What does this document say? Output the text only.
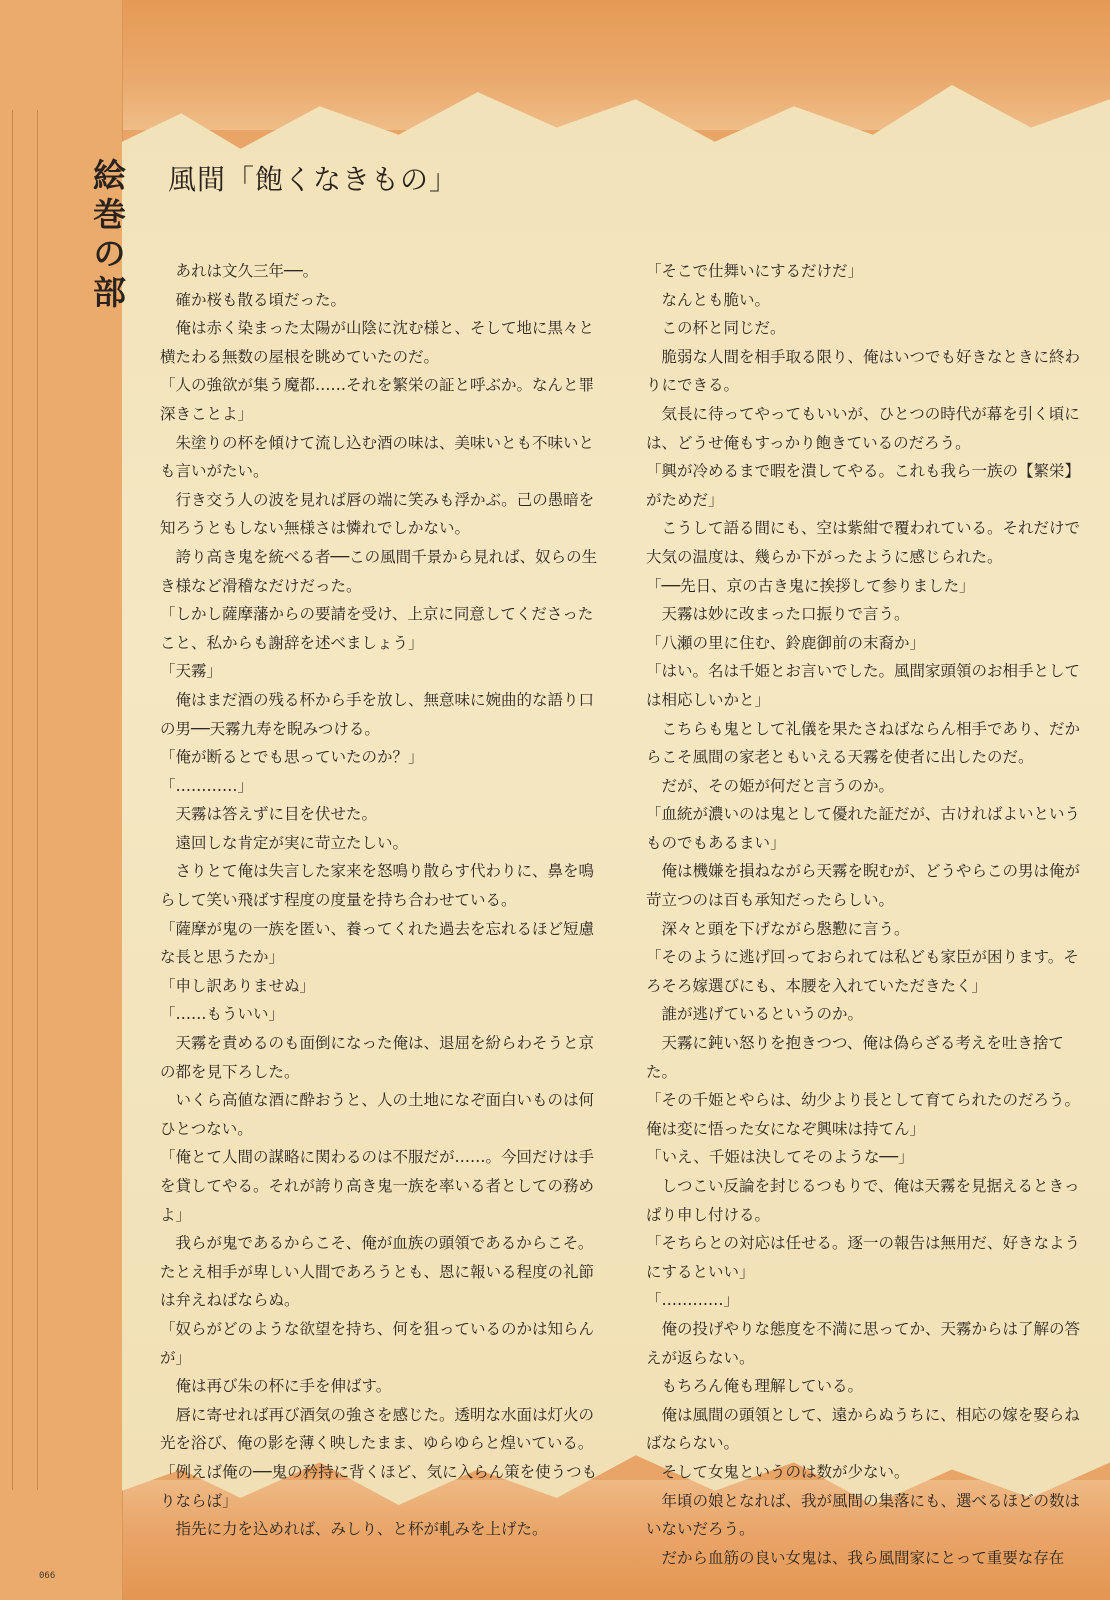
絵巻の部 風間「飽くなきもの」
　あれは文久三年──。
　確か桜も散る頃だった。
　俺は赤く染まった太陽が山陰に沈む様と、そして地に黒々と横たわる無数の屋根を眺めていたのだ。
「人の強欲が集う魔都……それを繁栄の証と呼ぶか。なんと罪深きことよ」
　朱塗りの杯を傾けて流し込む酒の味は、美味いとも不味いとも言いがたい。
　行き交う人の波を見れば唇の端に笑みも浮かぶ。己の愚暗を知ろうともしない無様さは憐れでしかない。
　誇り高き鬼を統べる者──この風間千景から見れば、奴らの生き様など滑稽なだけだった。
「しかし薩摩藩からの要請を受け、上京に同意してくださったこと、私からも謝辞を述べましょう」
「天霧」
　俺はまだ酒の残る杯から手を放し、無意味に婉曲的な語り口の男──天霧九寿を睨みつける。
「俺が断るとでも思っていたのか？」
「…………」
　天霧は答えずに目を伏せた。
　遠回しな肯定が実に苛立たしい。
　さりとて俺は失言した家来を怒鳴り散らす代わりに、鼻を鳴らして笑い飛ばす程度の度量を持ち合わせている。
「薩摩が鬼の一族を匿い、養ってくれた過去を忘れるほど短慮な長と思うたか」
「申し訳ありませぬ」
「……もういい」
　天霧を責めるのも面倒になった俺は、退屈を紛らわそうと京の都を見下ろした。
　いくら高値な酒に酔おうと、人の土地になぞ面白いものは何ひとつない。
「俺とて人間の謀略に関わるのは不服だが……。今回だけは手を貸してやる。それが誇り高き鬼一族を率いる者としての務めよ」
　我らが鬼であるからこそ、俺が血族の頭領であるからこそ。たとえ相手が卑しい人間であろうとも、恩に報いる程度の礼節は弁えねばならぬ。
「奴らがどのような欲望を持ち、何を狙っているのかは知らんが」
　俺は再び朱の杯に手を伸ばす。
　唇に寄せれば再び酒気の強さを感じた。透明な水面は灯火の光を浴び、俺の影を薄く映したまま、ゆらゆらと煌いている。
「例えば俺の──鬼の矜持に背くほど、気に入らん策を使うつもりならば」
　指先に力を込めれば、みしり、と杯が軋みを上げた。
「そこで仕舞いにするだけだ」
　なんとも脆い。
　この杯と同じだ。
　脆弱な人間を相手取る限り、俺はいつでも好きなときに終わりにできる。
　気長に待ってやってもいいが、ひとつの時代が幕を引く頃には、どうせ俺もすっかり飽きているのだろう。
「興が冷めるまで暇を潰してやる。これも我ら一族の【繁栄】がためだ」
　こうして語る間にも、空は紫紺で覆われている。それだけで大気の温度は、幾らか下がったように感じられた。
「──先日、京の古き鬼に挨拶して参りました」
　天霧は妙に改まった口振りで言う。
「八瀬の里に住む、鈴鹿御前の末裔か」
「はい。名は千姫とお言いでした。風間家頭領のお相手としては相応しいかと」
　こちらも鬼として礼儀を果たさねばならん相手であり、だからこそ風間の家老ともいえる天霧を使者に出したのだ。
　だが、その姫が何だと言うのか。
「血統が濃いのは鬼として優れた証だが、古ければよいというものでもあるまい」
　俺は機嫌を損ねながら天霧を睨むが、どうやらこの男は俺が苛立つのは百も承知だったらしい。
　深々と頭を下げながら慇懃に言う。
「そのように逃げ回っておられては私ども家臣が困ります。そろそろ嫁選びにも、本腰を入れていただきたく」
　誰が逃げているというのか。
　天霧に鈍い怒りを抱きつつ、俺は偽らざる考えを吐き捨てた。
「その千姫とやらは、幼少より長として育てられたのだろう。俺は変に悟った女になぞ興味は持てん」
「いえ、千姫は決してそのような──」
　しつこい反論を封じるつもりで、俺は天霧を見据えるときっぱり申し付ける。
「そちらとの対応は任せる。逐一の報告は無用だ、好きなようにするといい」
「…………」
　俺の投げやりな態度を不満に思ってか、天霧からは了解の答えが返らない。
　もちろん俺も理解している。
　俺は風間の頭領として、遠からぬうちに、相応の嫁を娶らねばならない。
　そして女鬼というのは数が少ない。
　年頃の娘となれば、我が風間の集落にも、選べるほどの数はいないだろう。
　だから血筋の良い女鬼は、我ら風間家にとって重要な存在
066
